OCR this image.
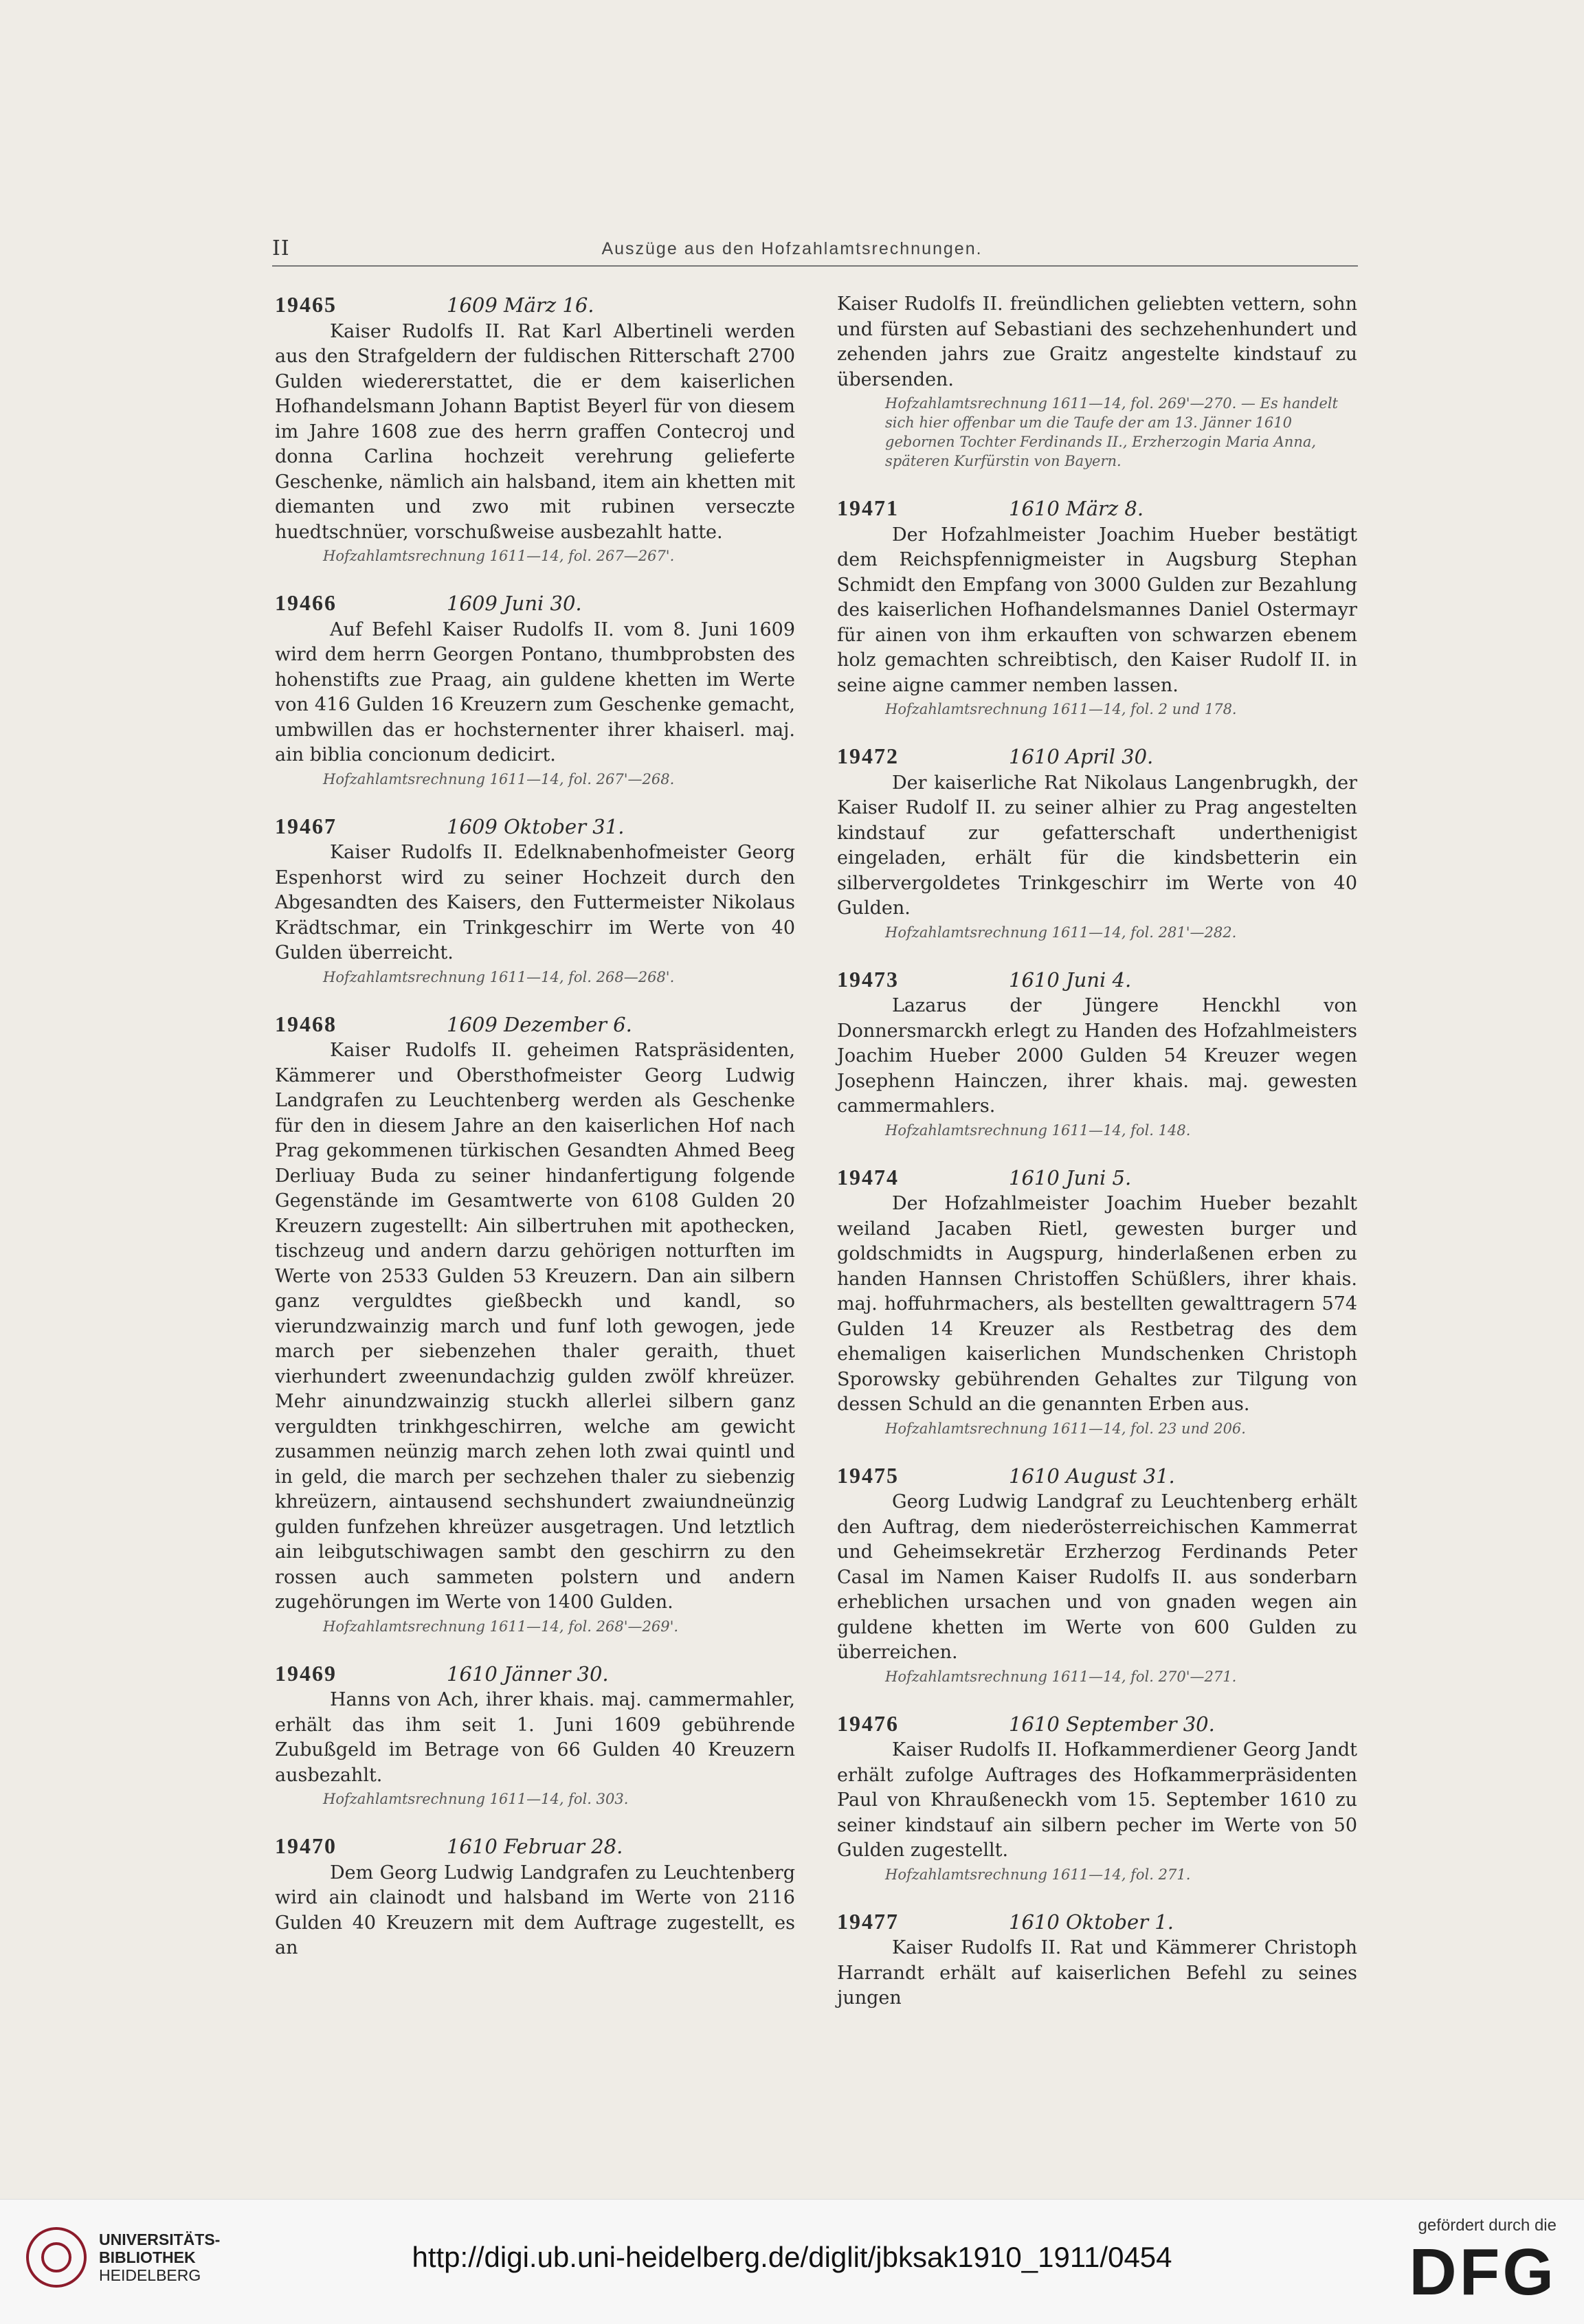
II	Auszüge aus den Hofzahlamtsrechnungen.
19465	1609 März 16.
Kaiser Rudolfs II. Rat Karl Albertineli werden aus den Strafgeldern der fuldischen Ritterschaft 2700 Gulden wiedererstattet, die er dem kaiserlichen Hofhandelsmann Johann Baptist Beyerl für von diesem im Jahre 1608 zue des herrn graffen Contecroj und donna Carlina hochzeit verehrung gelieferte Geschenke, nämlich ain halsband, item ain khetten mit diemanten und zwo mit rubinen verseczte huedtschnüer, vorschußweise ausbezahlt hatte.
Hofzahlamtsrechnung 1611—14, fol. 267—267'.
19466	1609 Juni 30.
Auf Befehl Kaiser Rudolfs II. vom 8. Juni 1609 wird dem herrn Georgen Pontano, thumbprobsten des hohenstifts zue Praag, ain guldene khetten im Werte von 416 Gulden 16 Kreuzern zum Geschenke gemacht, umbwillen das er hochsternenter ihrer khaiserl. maj. ain biblia concionum dedicirt.
Hofzahlamtsrechnung 1611—14, fol. 267'—268.
19467	1609 Oktober 31.
Kaiser Rudolfs II. Edelknabenhofmeister Georg Espenhorst wird zu seiner Hochzeit durch den Abgesandten des Kaisers, den Futtermeister Nikolaus Krädtschmar, ein Trinkgeschirr im Werte von 40 Gulden überreicht.
Hofzahlamtsrechnung 1611—14, fol. 268—268'.
19468	1609 Dezember 6.
Kaiser Rudolfs II. geheimen Ratspräsidenten, Kämmerer und Obersthofmeister Georg Ludwig Landgrafen zu Leuchtenberg werden als Geschenke für den in diesem Jahre an den kaiserlichen Hof nach Prag gekommenen türkischen Gesandten Ahmed Beeg Derliuay Buda zu seiner hindanfertigung folgende Gegenstände im Gesamtwerte von 6108 Gulden 20 Kreuzern zugestellt: Ain silbertruhen mit apothecken, tischzeug und andern darzu gehörigen notturften im Werte von 2533 Gulden 53 Kreuzern. Dan ain silbern ganz verguldtes gießbeckh und kandl, so vierundzwainzig march und funf loth gewogen, jede march per siebenzehen thaler geraith, thuet vierhundert zweenundachzig gulden zwölf khreüzer. Mehr ainundzwainzig stuckh allerlei silbern ganz verguldten trinkhgeschirren, welche am gewicht zusammen neünzig march zehen loth zwai quintl und in geld, die march per sechzehen thaler zu siebenzig khreüzern, aintausend sechshundert zwaiundneünzig gulden funfzehen khreüzer ausgetragen. Und letztlich ain leibgutschiwagen sambt den geschirrn zu den rossen auch sammeten polstern und andern zugehörungen im Werte von 1400 Gulden.
Hofzahlamtsrechnung 1611—14, fol. 268'—269'.
19469	1610 Jänner 30.
Hanns von Ach, ihrer khais. maj. cammermahler, erhält das ihm seit 1. Juni 1609 gebührende Zubußgeld im Betrage von 66 Gulden 40 Kreuzern ausbezahlt.
Hofzahlamtsrechnung 1611—14, fol. 303.
19470	1610 Februar 28.
Dem Georg Ludwig Landgrafen zu Leuchtenberg wird ain clainodt und halsband im Werte von 2116 Gulden 40 Kreuzern mit dem Auftrage zugestellt, es an
Kaiser Rudolfs II. freündlichen geliebten vettern, sohn und fürsten auf Sebastiani des sechzehenhundert und zehenden jahrs zue Graitz angestelte kindstauf zu übersenden.
Hofzahlamtsrechnung 1611—14, fol. 269'—270. — Es handelt sich hier offenbar um die Taufe der am 13. Jänner 1610 gebornen Tochter Ferdinands II., Erzherzogin Maria Anna, späteren Kurfürstin von Bayern.
19471	1610 März 8.
Der Hofzahlmeister Joachim Hueber bestätigt dem Reichspfennigmeister in Augsburg Stephan Schmidt den Empfang von 3000 Gulden zur Bezahlung des kaiserlichen Hofhandelsmannes Daniel Ostermayr für ainen von ihm erkauften von schwarzen ebenem holz gemachten schreibtisch, den Kaiser Rudolf II. in seine aigne cammer nemben lassen.
Hofzahlamtsrechnung 1611—14, fol. 2 und 178.
19472	1610 April 30.
Der kaiserliche Rat Nikolaus Langenbrugkh, der Kaiser Rudolf II. zu seiner alhier zu Prag angestelten kindstauf zur gefatterschaft underthenigist eingeladen, erhält für die kindsbetterin ein silbervergoldetes Trinkgeschirr im Werte von 40 Gulden.
Hofzahlamtsrechnung 1611—14, fol. 281'—282.
19473	1610 Juni 4.
Lazarus der Jüngere Henckhl von Donnersmarckh erlegt zu Handen des Hofzahlmeisters Joachim Hueber 2000 Gulden 54 Kreuzer wegen Josephenn Hainczen, ihrer khais. maj. gewesten cammermahlers.
Hofzahlamtsrechnung 1611—14, fol. 148.
19474	1610 Juni 5.
Der Hofzahlmeister Joachim Hueber bezahlt weiland Jacaben Rietl, gewesten burger und goldschmidts in Augspurg, hinderlaßenen erben zu handen Hannsen Christoffen Schüßlers, ihrer khais. maj. hoffuhrmachers, als bestellten gewalttragern 574 Gulden 14 Kreuzer als Restbetrag des dem ehemaligen kaiserlichen Mundschenken Christoph Sporowsky gebührenden Gehaltes zur Tilgung von dessen Schuld an die genannten Erben aus.
Hofzahlamtsrechnung 1611—14, fol. 23 und 206.
19475	1610 August 31.
Georg Ludwig Landgraf zu Leuchtenberg erhält den Auftrag, dem niederösterreichischen Kammerrat und Geheimsekretär Erzherzog Ferdinands Peter Casal im Namen Kaiser Rudolfs II. aus sonderbarn erheblichen ursachen und von gnaden wegen ain guldene khetten im Werte von 600 Gulden zu überreichen.
Hofzahlamtsrechnung 1611—14, fol. 270'—271.
19476	1610 September 30.
Kaiser Rudolfs II. Hofkammerdiener Georg Jandt erhält zufolge Auftrages des Hofkammerpräsidenten Paul von Khraußeneckh vom 15. September 1610 zu seiner kindstauf ain silbern pecher im Werte von 50 Gulden zugestellt.
Hofzahlamtsrechnung 1611—14, fol. 271.
19477	1610 Oktober 1.
Kaiser Rudolfs II. Rat und Kämmerer Christoph Harrandt erhält auf kaiserlichen Befehl zu seines jungen
UNIVERSITÄTS-
BIBLIOTHEK
HEIDELBERG
http://digi.ub.uni-heidelberg.de/diglit/jbksak1910_1911/0454
gefördert durch die
DFG
